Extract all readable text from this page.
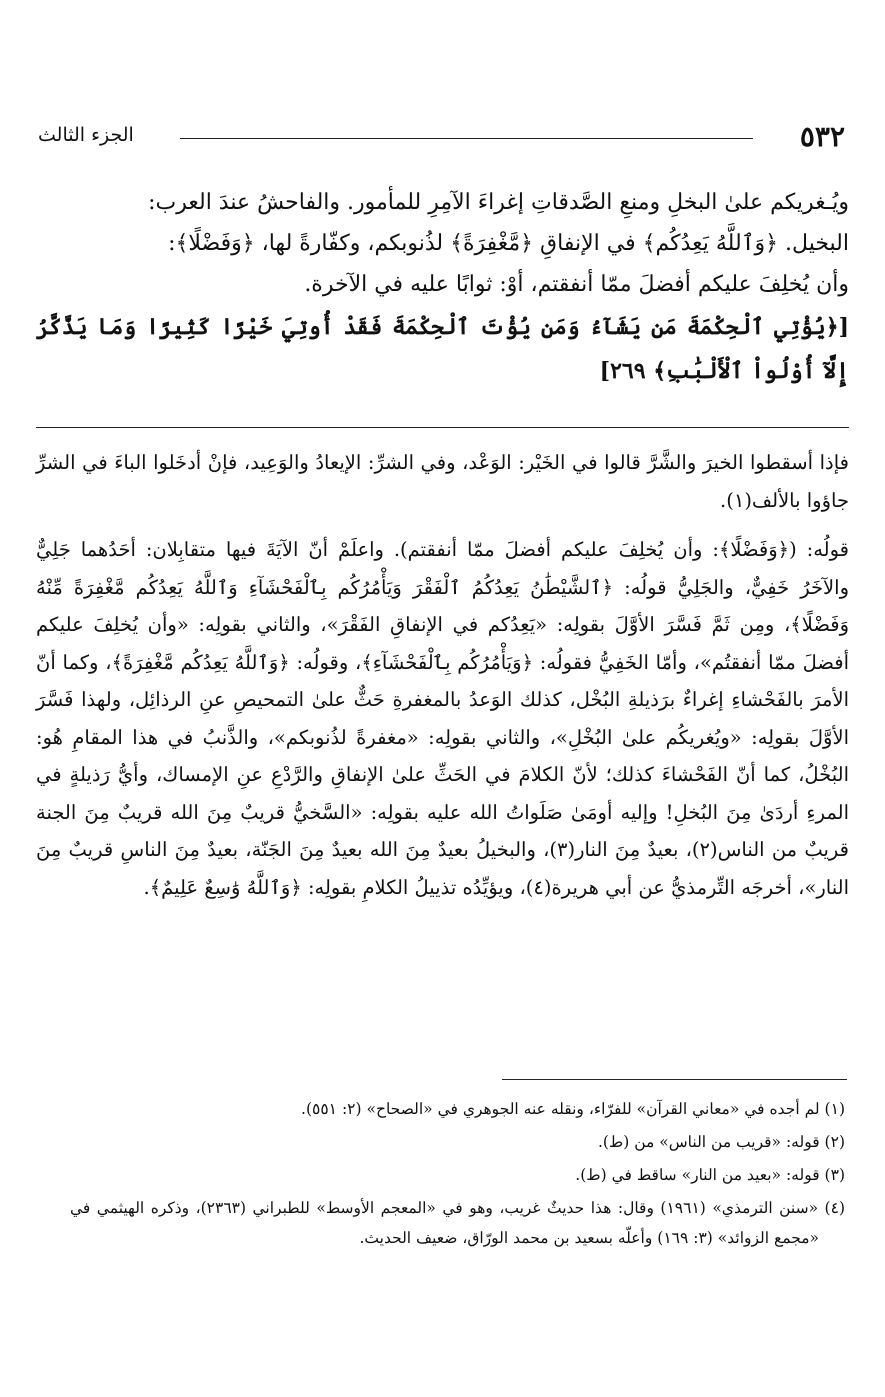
٥٣٢
الجزء الثالث

ويُـغريكم علىٰ البخلِ ومنعِ الصَّدقاتِ إغراءَ الآمِرِ للمأمور. والفاحشُ عندَ العرب:

البخيل. ﴿وَٱللَّهُ يَعِدُكُم﴾ في الإنفاقِ ﴿مَّغْفِرَةً﴾ لذُنوبكم، وكفّارةً لها، ﴿وَفَضْلًا﴾:

وأن يُخلِفَ عليكم أفضلَ ممّا أنفقتم، أوْ: ثوابًا عليه في الآخرة.

[﴿يُؤْتِي ٱلْحِكْمَةَ مَن يَشَآءُ وَمَن يُؤْتَ ٱلْحِكْمَةَ فَقَدْ أُوتِيَ خَيْرًا كَثِيرًا وَمَا يَذَّكَّرُ إِلَّآ أُوْلُواْ ٱلْأَلْبَٰبِ﴾ ٢٦٩]

فإذا أسقطوا الخيرَ والشَّرَّ قالوا في الخَيْر: الوَعْد، وفي الشرِّ: الإيعادُ والوَعِيد، فإنْ أدخَلوا الباءَ في الشرِّ جاؤوا بالألف(١).

قولُه: (﴿وَفَضْلًا﴾: وأن يُخلِفَ عليكم أفضلَ ممّا أنفقتم). واعلَمْ أنّ الآيَةَ فيها متقابِلان: أحَدُهما جَلِيٌّ والآخَرُ خَفِيٌّ، والجَلِيُّ قولُه: ﴿ٱلشَّيْطَٰنُ يَعِدُكُمُ ٱلْفَقْرَ وَيَأْمُرُكُم بِٱلْفَحْشَآءِ وَٱللَّهُ يَعِدُكُم مَّغْفِرَةً مِّنْهُ وَفَضْلًا﴾، ومِن ثَمَّ فَسَّرَ الأوَّلَ بقولِه: «يَعِدُكم في الإنفاقِ الفَقْرَ»، والثاني بقولِه: «وأن يُخلِفَ عليكم أفضلَ ممّا أنفقتُم»، وأمّا الخَفِيُّ فقولُه: ﴿وَيَأْمُرُكُم بِٱلْفَحْشَآءِ﴾، وقولُه: ﴿وَٱللَّهُ يَعِدُكُم مَّغْفِرَةً﴾، وكما أنّ الأمرَ بالفَحْشاءِ إغراءٌ برَذيلةِ البُخْل، كذلك الوَعدُ بالمغفرةِ حَثٌّ علىٰ التمحيصِ عنِ الرذائِل، ولهذا فَسَّرَ الأوَّلَ بقولِه: «ويُغريكُم علىٰ البُخْلِ»، والثاني بقولِه: «مغفرةً لذُنوبكم»، والذَّنبُ في هذا المقامِ هُو: البُخْلُ، كما أنّ الفَحْشاءَ كذلك؛ لأنّ الكلامَ في الحَثِّ علىٰ الإنفاقِ والرَّدْعِ عنِ الإمساك، وأيُّ رَذيلةٍ في المرءِ أردَىٰ مِنَ البُخلِ! وإليه أومَىٰ صَلَواتُ الله عليه بقولِه: «السَّخيُّ قريبٌ مِنَ الله قريبٌ مِنَ الجنة قريبٌ من الناس(٢)، بعيدٌ مِنَ النار(٣)، والبخيلُ بعيدٌ مِنَ الله بعيدٌ مِنَ الجَنّة، بعيدٌ مِنَ الناسِ قريبٌ مِنَ النار»، أخرجَه التِّرمذيُّ عن أبي هريرة(٤)، ويؤيِّدُه تذييلُ الكلامِ بقولِه: ﴿وَٱللَّهُ وَٰسِعٌ عَلِيمٌ﴾.

(١) لم أجده في «معاني القرآن» للفرّاء، ونقله عنه الجوهري في «الصحاح» (٢: ٥٥١).

(٢) قوله: «قريب من الناس» من (ط).

(٣) قوله: «بعيد من النار» ساقط في (ط).

(٤) «سنن الترمذي» (١٩٦١) وقال: هذا حديثٌ غريب، وهو في «المعجم الأوسط» للطبراني (٢٣٦٣)، وذكره الهيثمي في «مجمع الزوائد» (٣: ١٦٩) وأعلّه بسعيد بن محمد الورّاق، ضعيف الحديث.
